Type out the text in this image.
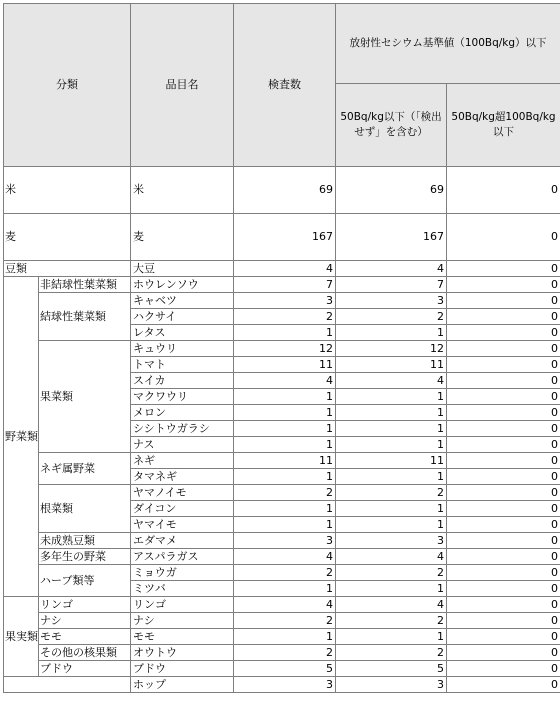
分類		品目名	検査数	放射性セシウム基準値（100Bq/kg）以下	
				50Bq/kg以下（「検出せず」を含む）	50Bq/kg超100Bq/kg以下
米		米	69	69	0
麦		麦	167	167	0
豆類		大豆	4	4	0
野菜類	非結球性葉菜類	ホウレンソウ	7	7	0
	結球性葉菜類	キャベツ	3	3	0
		ハクサイ	2	2	0
		レタス	1	1	0
	果菜類	キュウリ	12	12	0
		トマト	11	11	0
		スイカ	4	4	0
		マクワウリ	1	1	0
		メロン	1	1	0
		シシトウガラシ	1	1	0
		ナス	1	1	0
	ネギ属野菜	ネギ	11	11	0
		タマネギ	1	1	0
	根菜類	ヤマノイモ	2	2	0
		ダイコン	1	1	0
		ヤマイモ	1	1	0
	未成熟豆類	エダマメ	3	3	0
	多年生の野菜	アスパラガス	4	4	0
	ハーブ類等	ミョウガ	2	2	0
		ミツバ	1	1	0
果実類	リンゴ	リンゴ	4	4	0
	ナシ	ナシ	2	2	0
	モモ	モモ	1	1	0
	その他の核果類	オウトウ	2	2	0
	ブドウ	ブドウ	5	5	0
		ホップ	3	3	0
